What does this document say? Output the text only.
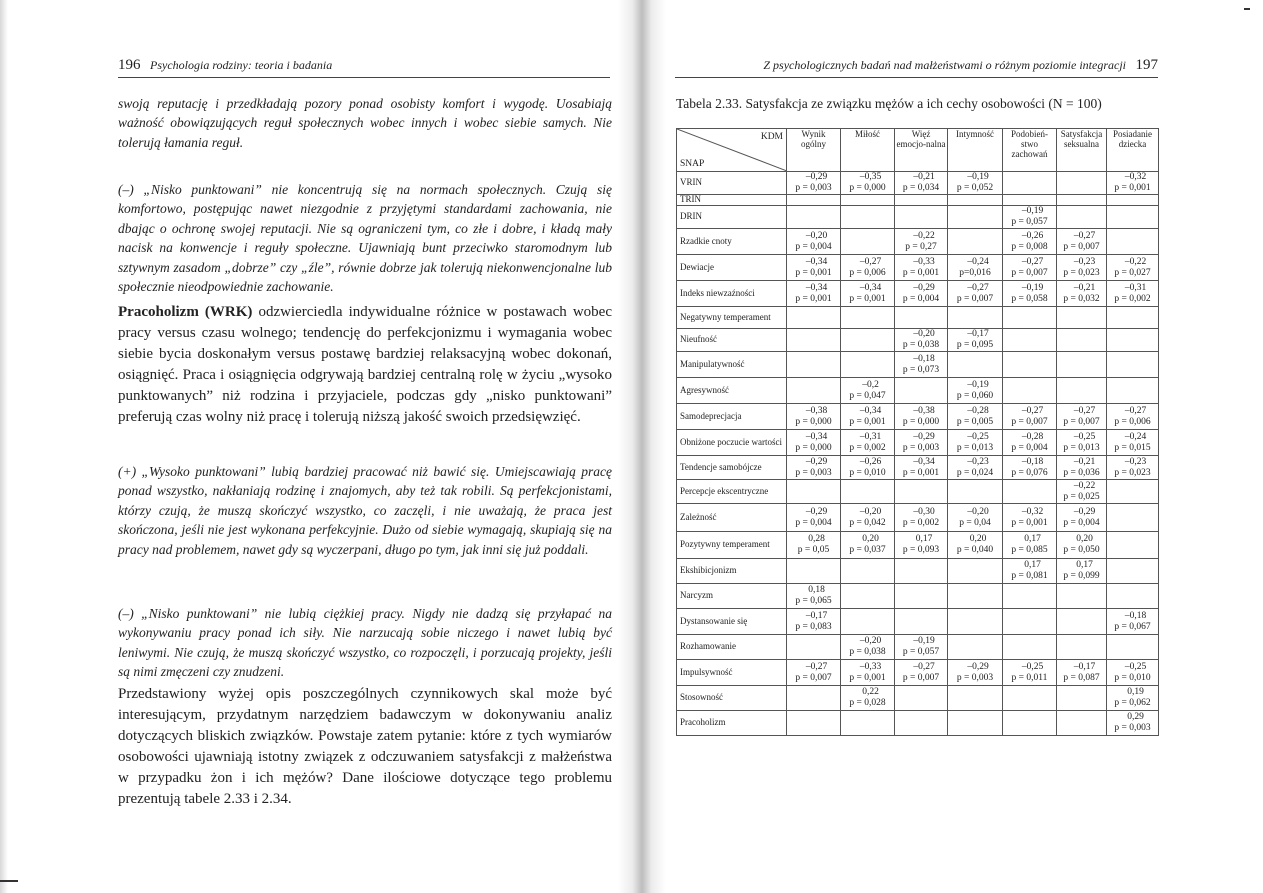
196 Psychologia rodziny: teoria i badania
swoją reputację i przedkładają pozory ponad osobisty komfort i wygodę. Uosabiają ważność obowiązujących reguł społecznych wobec innych i wobec siebie samych. Nie tolerują łamania reguł.
(–) „Nisko punktowani” nie koncentrują się na normach społecznych. Czują się komfortowo, postępując nawet niezgodnie z przyjętymi standardami zachowania, nie dbając o ochronę swojej reputacji. Nie są ograniczeni tym, co złe i dobre, i kładą mały nacisk na konwencje i reguły społeczne. Ujawniają bunt przeciwko staromodnym lub sztywnym zasadom „dobrze” czy „źle”, równie dobrze jak tolerują niekonwencjonalne lub społecznie nieodpowiednie zachowanie.
Pracoholizm (WRK) odzwierciedla indywidualne różnice w postawach wobec pracy versus czasu wolnego; tendencję do perfekcjonizmu i wymagania wobec siebie bycia doskonałym versus postawę bardziej relaksacyjną wobec dokonań, osiągnięć. Praca i osiągnięcia odgrywają bardziej centralną rolę w życiu „wysoko punktowanych” niż rodzina i przyjaciele, podczas gdy „nisko punktowani” preferują czas wolny niż pracę i tolerują niższą jakość swoich przedsięwzięć.
(+) „Wysoko punktowani” lubią bardziej pracować niż bawić się. Umiejscawiają pracę ponad wszystko, nakłaniają rodzinę i znajomych, aby też tak robili. Są perfekcjonistami, którzy czują, że muszą skończyć wszystko, co zaczęli, i nie uważają, że praca jest skończona, jeśli nie jest wykonana perfekcyjnie. Dużo od siebie wymagają, skupiają się na pracy nad problemem, nawet gdy są wyczerpani, długo po tym, jak inni się już poddali.
(–) „Nisko punktowani” nie lubią ciężkiej pracy. Nigdy nie dadzą się przyłapać na wykonywaniu pracy ponad ich siły. Nie narzucają sobie niczego i nawet lubią być leniwymi. Nie czują, że muszą skończyć wszystko, co rozpoczęli, i porzucają projekty, jeśli są nimi zmęczeni czy znudzeni.
Przedstawiony wyżej opis poszczególnych czynnikowych skal może być interesującym, przydatnym narzędziem badawczym w dokonywaniu analiz dotyczących bliskich związków. Powstaje zatem pytanie: które z tych wymiarów osobowości ujawniają istotny związek z odczuwaniem satysfakcji z małżeństwa w przypadku żon i ich mężów? Dane ilościowe dotyczące tego problemu prezentują tabele 2.33 i 2.34.
Z psychologicznych badań nad małżeństwami o różnym poziomie integracji 197
Tabela 2.33. Satysfakcja ze związku mężów a ich cechy osobowości (N = 100)
KDM
SNAP	Wynik ogólny	Miłość	Więź emocjo-nalna	Intymność	Podobień-stwo zachowań	Satysfakcja seksualna	Posiadanie dziecka
VRIN	–0,29
p = 0,003	–0,35
p = 0,000	–0,21
p = 0,034	–0,19
p = 0,052			–0,32
p = 0,001

TRIN							
DRIN					–0,19
p = 0,057		

Rzadkie cnoty	–0,20
p = 0,004		–0,22
p = 0,27		–0,26
p = 0,008	–0,27
p = 0,007	

Dewiacje	–0,34
p = 0,001	–0,27
p = 0,006	–0,33
p = 0,001	–0,24
p=0,016	–0,27
p = 0,007	–0,23
p = 0,023	–0,22
p = 0,027

Indeks niewzaźności	–0,34
p = 0,001	–0,34
p = 0,001	–0,29
p = 0,004	–0,27
p = 0,007	–0,19
p = 0,058	–0,21
p = 0,032	–0,31
p = 0,002

Negatywny temperament							
Nieufność			–0,20
p = 0,038	–0,17
p = 0,095			

Manipulatywność			–0,18
p = 0,073				

Agresywność		–0,2
p = 0,047		–0,19
p = 0,060			

Samodeprecjacja	–0,38
p = 0,000	–0,34
p = 0,001	–0,38
p = 0,000	–0,28
p = 0,005	–0,27
p = 0,007	–0,27
p = 0,007	–0,27
p = 0,006

Obniżone poczucie wartości	–0,34
p = 0,000	–0,31
p = 0,002	–0,29
p = 0,003	–0,25
p = 0,013	–0,28
p = 0,004	–0,25
p = 0,013	–0,24
p = 0,015

Tendencje samobójcze	–0,29
p = 0,003	–0,26
p = 0,010	–0,34
p = 0,001	–0,23
p = 0,024	–0,18
p = 0,076	–0,21
p = 0,036	–0,23
p = 0,023

Percepcje ekscentryczne						–0,22
p = 0,025	

Zależność	–0,29
p = 0,004	–0,20
p = 0,042	–0,30
p = 0,002	–0,20
p = 0,04	–0,32
p = 0,001	–0,29
p = 0,004	

Pozytywny temperament	0,28
p = 0,05	0,20
p = 0,037	0,17
p = 0,093	0,20
p = 0,040	0,17
p = 0,085	0,20
p = 0,050	

Ekshibicjonizm					0,17
p = 0,081	0,17
p = 0,099	

Narcyzm	0,18
p = 0,065						

Dystansowanie się	–0,17
p = 0,083						–0,18
p = 0,067

Rozhamowanie		–0,20
p = 0,038	–0,19
p = 0,057				

Impulsywność	–0,27
p = 0,007	–0,33
p = 0,001	–0,27
p = 0,007	–0,29
p = 0,003	–0,25
p = 0,011	–0,17
p = 0,087	–0,25
p = 0,010

Stosowność		0,22
p = 0,028					0,19
p = 0,062

Pracoholizm							0,29
p = 0,003
